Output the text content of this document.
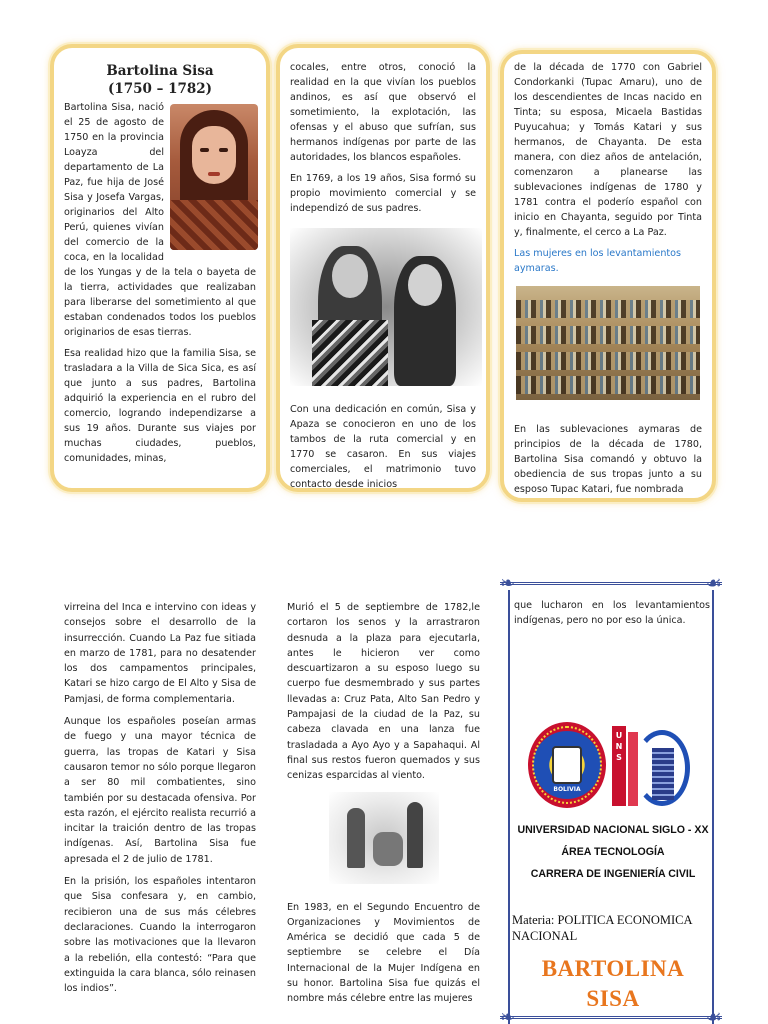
Bartolina Sisa
(1750 – 1782)

Bartolina Sisa, nació el 25 de agosto de 1750 en la provincia Loayza del departamento de La Paz, fue hija de José Sisa y Josefa Vargas, originarios del Alto Perú, quienes vivían del comercio de la coca, en la localidad de los Yungas y de la tela o bayeta de la tierra, actividades que realizaban para liberarse del sometimiento al que estaban condenados todos los pueblos originarios de esas tierras.

Esa realidad hizo que la familia Sisa, se trasladara a la Villa de Sica Sica, es así que junto a sus padres, Bartolina adquirió la experiencia en el rubro del comercio, logrando independizarse a sus 19 años. Durante sus viajes por muchas ciudades, pueblos, comunidades, minas,

cocales, entre otros, conoció la realidad en la que vivían los pueblos andinos, es así que observó el sometimiento, la explotación, las ofensas y el abuso que sufrían, sus hermanos indígenas por parte de las autoridades, los blancos españoles.

En 1769, a los 19 años, Sisa formó su propio movimiento comercial y se independizó de sus padres.

Con una dedicación en común, Sisa y Apaza se conocieron en uno de los tambos de la ruta comercial y en 1770 se casaron. En sus viajes comerciales, el matrimonio tuvo contacto desde inicios

de la década de 1770 con Gabriel Condorkanki (Tupac Amaru), uno de los descendientes de Incas nacido en Tinta; su esposa, Micaela Bastidas Puyucahua; y Tomás Katari y sus hermanos, de Chayanta. De esta manera, con diez años de antelación, comenzaron a planearse las sublevaciones indígenas de 1780 y 1781 contra el poderío español con inicio en Chayanta, seguido por Tinta y, finalmente, el cerco a La Paz.

Las mujeres en los levantamientos aymaras.

En las sublevaciones aymaras de principios de la década de 1780, Bartolina Sisa comandó y obtuvo la obediencia de sus tropas junto a su esposo Tupac Katari, fue nombrada

virreina del Inca e intervino con ideas y consejos sobre el desarrollo de la insurrección. Cuando La Paz fue sitiada en marzo de 1781, para no desatender los dos campamentos principales, Katari se hizo cargo de El Alto y Sisa de Pamjasi, de forma complementaria.

Aunque los españoles poseían armas de fuego y una mayor técnica de guerra, las tropas de Katari y Sisa causaron temor no sólo porque llegaron a ser 80 mil combatientes, sino también por su destacada ofensiva. Por esta razón, el ejército realista recurrió a incitar la traición dentro de las tropas indígenas. Así, Bartolina Sisa fue apresada el 2 de julio de 1781.

En la prisión, los españoles intentaron que Sisa confesara y, en cambio, recibieron una de sus más célebres declaraciones. Cuando la interrogaron sobre las motivaciones que la llevaron a la rebelión, ella contestó: “Para que extinguida la cara blanca, sólo reinasen los indios”.

Murió el 5 de septiembre de 1782,le cortaron los senos y la arrastraron desnuda a la plaza para ejecutarla, antes le hicieron ver como descuartizaron a su esposo luego su cuerpo fue desmembrado y sus partes llevadas a: Cruz Pata, Alto San Pedro y Pampajasi de la ciudad de la Paz, su cabeza clavada en una lanza fue trasladada a Ayo Ayo y a Sapahaqui. Al final sus restos fueron quemados y sus cenizas esparcidas al viento.

En 1983, en el Segundo Encuentro de Organizaciones y Movimientos de América se decidió que cada 5 de septiembre se celebre el Día Internacional de la Mujer Indígena en su honor. Bartolina Sisa fue quizás el nombre más célebre entre las mujeres

❧	☙
que lucharon en los levantamientos indígenas, pero no por eso la única.
BOLIVIA
U N S
UNIVERSIDAD NACIONAL SIGLO - XX
ÁREA TECNOLOGÍA
CARRERA DE INGENIERÍA CIVIL
Materia: POLITICA ECONOMICA NACIONAL
BARTOLINA
SISA
❧	☙
